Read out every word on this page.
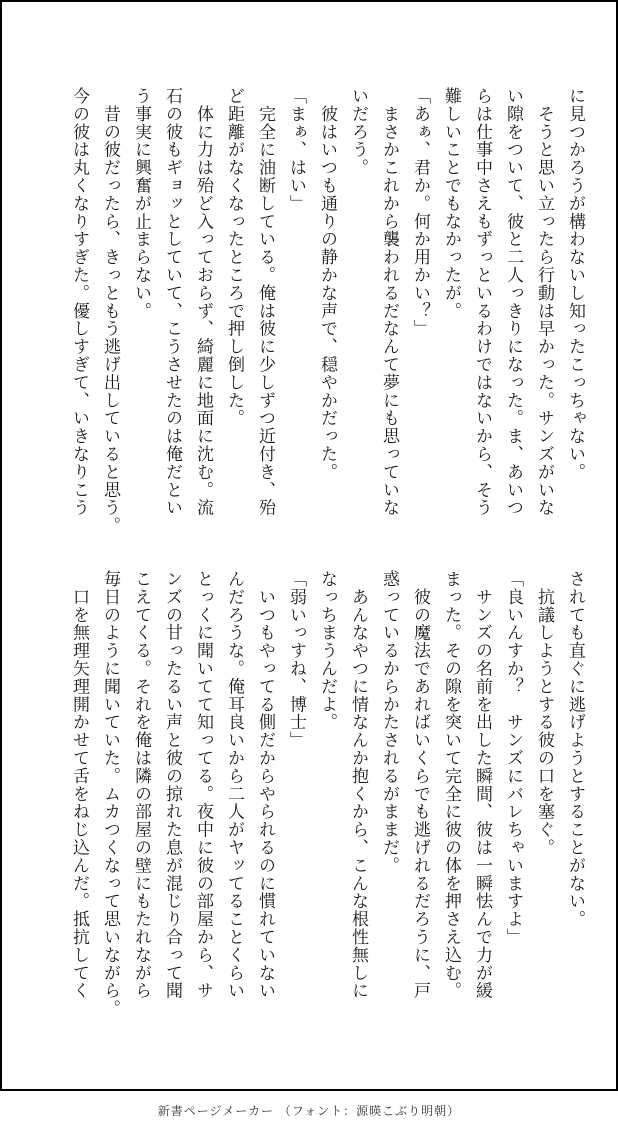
に見つかろうが構わないし知ったこっちゃない。
　そうと思い立ったら行動は早かった。サンズがいな
い隙をついて、彼と二人っきりになった。ま、あいつ
らは仕事中さえもずっといるわけではないから、そう
難しいことでもなかったが。
「あぁ、君か。何か用かい？」
　まさかこれから襲われるだなんて夢にも思っていな
いだろう。
　彼はいつも通りの静かな声で、穏やかだった。
「まぁ、はい」
　完全に油断している。俺は彼に少しずつ近付き、殆
ど距離がなくなったところで押し倒した。
　体に力は殆ど入っておらず、綺麗に地面に沈む。流
石の彼もギョッとしていて、こうさせたのは俺だとい
う事実に興奮が止まらない。
　昔の彼だったら、きっともう逃げ出していると思う。
今の彼は丸くなりすぎた。優しすぎて、いきなりこう
されても直ぐに逃げようとすることがない。
　抗議しようとする彼の口を塞ぐ。
「良いんすか？　サンズにバレちゃいますよ」
　サンズの名前を出した瞬間、彼は一瞬怯んで力が緩
まった。その隙を突いて完全に彼の体を押さえ込む。
　彼の魔法であればいくらでも逃げれるだろうに、戸
惑っているからかたされるがままだ。
　あんなやつに情なんか抱くから、こんな根性無しに
なっちまうんだよ。
「弱いっすね、博士」
　いつもやってる側だからやられるのに慣れていない
んだろうな。俺耳良いから二人がヤッてることくらい
とっくに聞いてて知ってる。夜中に彼の部屋から、サ
ンズの甘ったるい声と彼の掠れた息が混じり合って聞
こえてくる。それを俺は隣の部屋の壁にもたれながら
毎日のように聞いていた。ムカつくなって思いながら。
　口を無理矢理開かせて舌をねじ込んだ。抵抗してく
新書ページメーカー （フォント：源暎こぶり明朝）
